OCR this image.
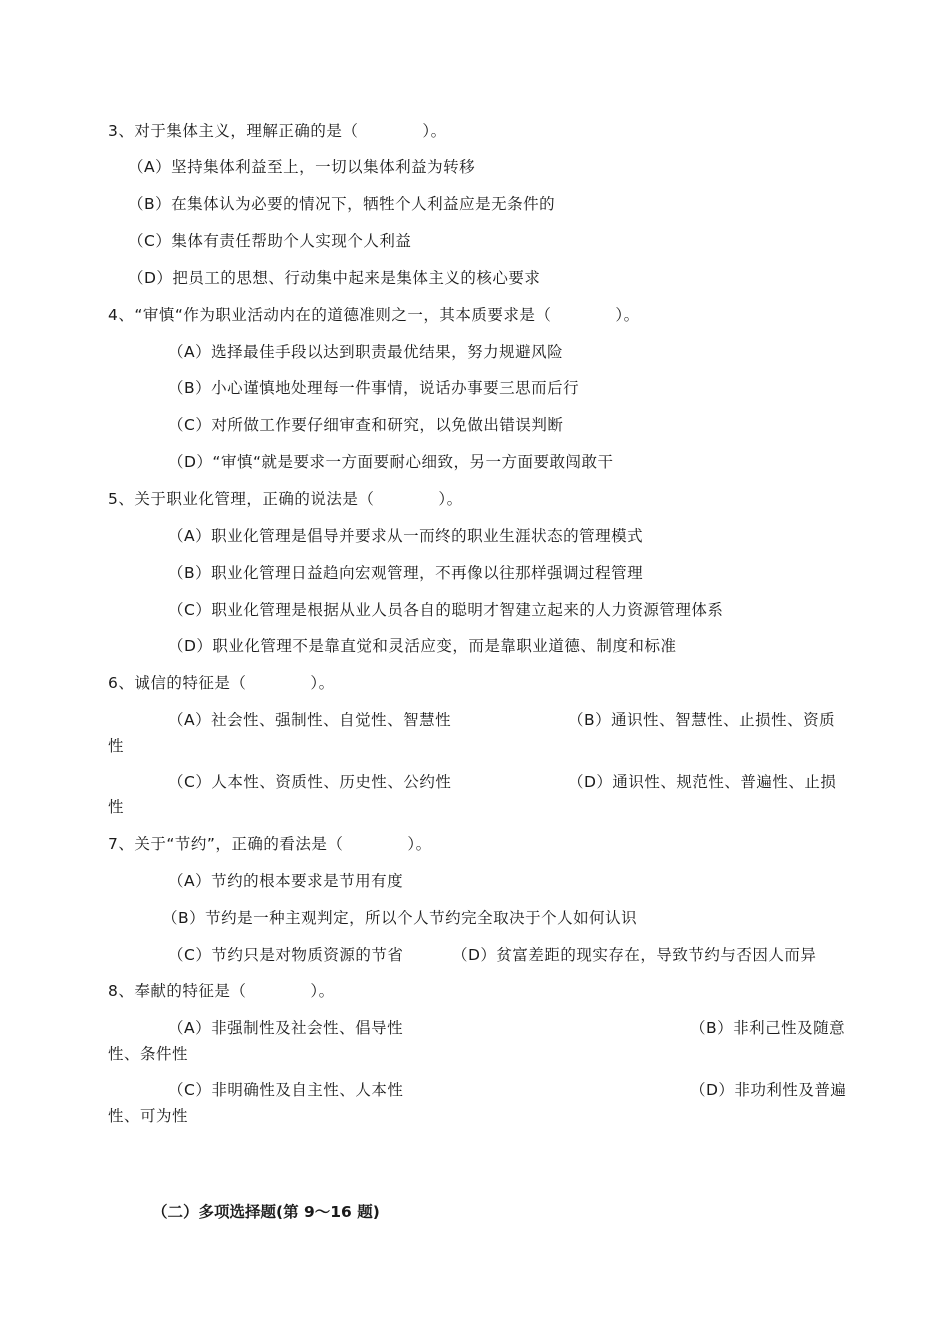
3、对于集体主义，理解正确的是（　　　　）。
（A）坚持集体利益至上，一切以集体利益为转移
（B）在集体认为必要的情况下，牺牲个人利益应是无条件的
（C）集体有责任帮助个人实现个人利益
（D）把员工的思想、行动集中起来是集体主义的核心要求
4、“审慎“作为职业活动内在的道德准则之一，其本质要求是（　　　　）。
（A）选择最佳手段以达到职责最优结果，努力规避风险
（B）小心谨慎地处理每一件事情，说话办事要三思而后行
（C）对所做工作要仔细审查和研究，以免做出错误判断
（D）“审慎“就是要求一方面要耐心细致，另一方面要敢闯敢干
5、关于职业化管理，正确的说法是（　　　　）。
（A）职业化管理是倡导并要求从一而终的职业生涯状态的管理模式
（B）职业化管理日益趋向宏观管理，不再像以往那样强调过程管理
（C）职业化管理是根据从业人员各自的聪明才智建立起来的人力资源管理体系
（D）职业化管理不是靠直觉和灵活应变，而是靠职业道德、制度和标准
6、诚信的特征是（　　　　）。
（A）社会性、强制性、自觉性、智慧性	（B）通识性、智慧性、止损性、资质
性
（C）人本性、资质性、历史性、公约性	（D）通识性、规范性、普遍性、止损
性
7、关于“节约”，正确的看法是（　　　　）。
（A）节约的根本要求是节用有度
（B）节约是一种主观判定，所以个人节约完全取决于个人如何认识
（C）节约只是对物质资源的节省	（D）贫富差距的现实存在，导致节约与否因人而异
8、奉献的特征是（　　　　）。
（A）非强制性及社会性、倡导性	（B）非利己性及随意
性、条件性
（C）非明确性及自主性、人本性	（D）非功利性及普遍
性、可为性
（二）多项选择题(第 9～16 题)
